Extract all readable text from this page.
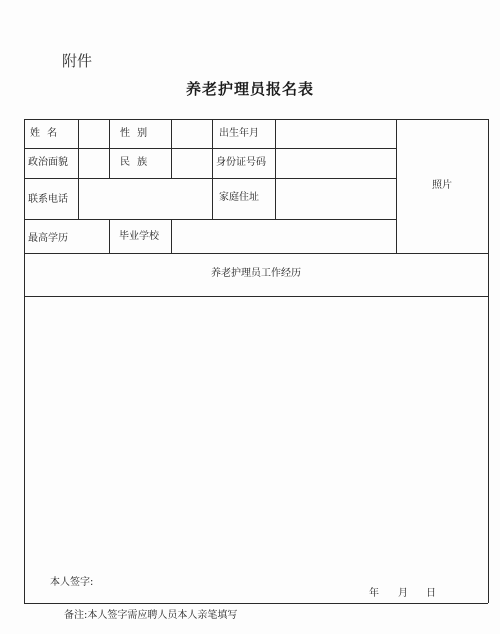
附件
养老护理员报名表
姓 名	性 别	出生年月
政治面貌	民 族	身份证号码
联系电话	家庭住址
最高学历	毕业学校
照片
养老护理员工作经历
本人签字:
年 月 日
备注:本人签字需应聘人员本人亲笔填写
